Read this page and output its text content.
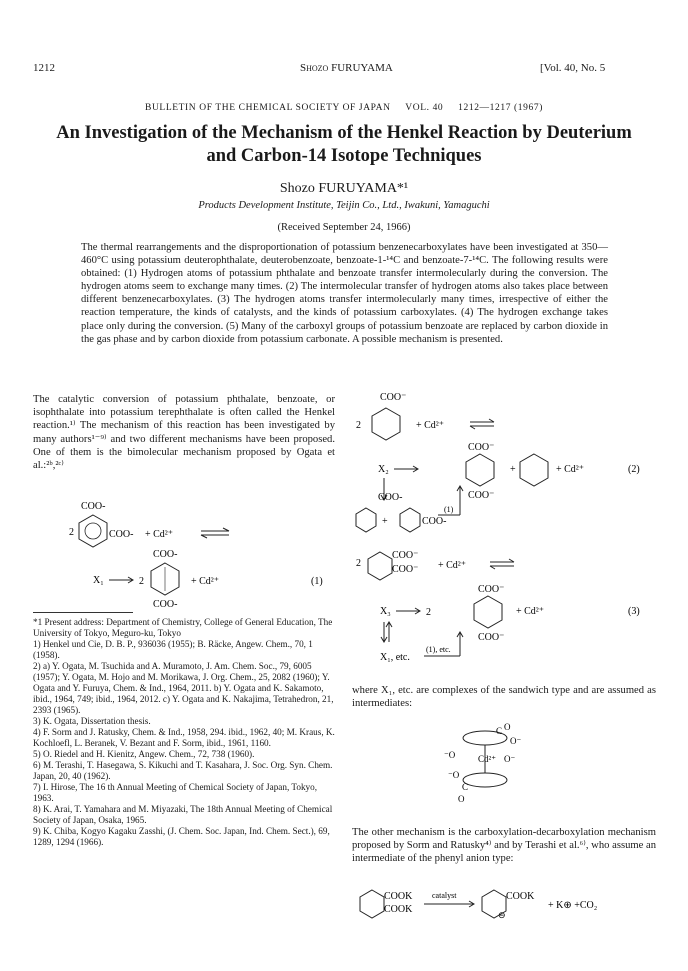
1212	Shozo FURUYAMA	[Vol. 40, No. 5
BULLETIN OF THE CHEMICAL SOCIETY OF JAPAN     VOL. 40     1212—1217 (1967)
An Investigation of the Mechanism of the Henkel Reaction by Deuterium and Carbon-14 Isotope Techniques
Shozo FURUYAMA*¹
Products Development Institute, Teijin Co., Ltd., Iwakuni, Yamaguchi
(Received September 24, 1966)
The thermal rearrangements and the disproportionation of potassium benzenecarboxylates have been investigated at 350—460°C using potassium deuterophthalate, deuterobenzoate, benzoate-1-¹⁴C and benzoate-7-¹⁴C. The following results were obtained: (1) Hydrogen atoms of potassium phthalate and benzoate transfer intermolecularly during the conversion. The hydrogen atoms seem to exchange many times. (2) The intermolecular transfer of hydrogen atoms also takes place between different benzenecarboxylates. (3) The hydrogen atoms transfer intermolecularly many times, irrespective of either the reaction temperature, the kinds of catalysts, and the kinds of potassium carboxylates. (4) The hydrogen exchange takes place only during the conversion. (5) Many of the carboxyl groups of potassium benzoate are replaced by carbon dioxide in the gas phase and by carbon dioxide from potassium carbonate. A possible mechanism is presented.
The catalytic conversion of potassium phthalate, benzoate, or isophthalate into potassium terephthalate is often called the Henkel reaction.¹⁾ The mechanism of this reaction has been investigated by many authors¹⁻⁹⁾ and two different mechanisms have been proposed. One of them is the bimolecular mechanism proposed by Ogata et al.:²ᵇ,²ᶜ⁾
COO-
2	COO- + Cd²⁺
X₁	2
COO-
COO-
+ Cd²⁺	(1)
*1 Present address: Department of Chemistry, College of General Education, The University of Tokyo, Meguro-ku, Tokyo
1) Henkel und Cie, D. B. P., 936036 (1955); B. Räcke, Angew. Chem., 70, 1 (1958).
2) a) Y. Ogata, M. Tsuchida and A. Muramoto, J. Am. Chem. Soc., 79, 6005 (1957); Y. Ogata, M. Hojo and M. Morikawa, J. Org. Chem., 25, 2082 (1960); Y. Ogata and Y. Furuya, Chem. & Ind., 1964, 2011. b) Y. Ogata and K. Sakamoto, ibid., 1964, 749; ibid., 1964, 2012. c) Y. Ogata and K. Nakajima, Tetrahedron, 21, 2393 (1965).
3) K. Ogata, Dissertation thesis.
4) F. Sorm and J. Ratusky, Chem. & Ind., 1958, 294. ibid., 1962, 40; M. Kraus, K. Kochloefl, L. Beranek, V. Bezant and F. Sorm, ibid., 1961, 1160.
5) O. Riedel and H. Kienitz, Angew. Chem., 72, 738 (1960).
6) M. Terashi, T. Hasegawa, S. Kikuchi and T. Kasahara, J. Soc. Org. Syn. Chem. Japan, 20, 40 (1962).
7) I. Hirose, The 16 th Annual Meeting of Chemical Society of Japan, Tokyo, 1963.
8) K. Arai, T. Yamahara and M. Miyazaki, The 18th Annual Meeting of Chemical Society of Japan, Osaka, 1965.
9) K. Chiba, Kogyo Kagaku Zasshi, (J. Chem. Soc. Japan, Ind. Chem. Sect.), 69, 1289, 1294 (1966).
COO⁻
2	+ Cd²⁺
COO⁻
X₂
COO⁻
+	+ Cd²⁺	(2)
COO-
+	COO-
(1)
COO⁻
2
COO⁻ + Cd²⁺
COO⁻
X₃	2
COO⁻
+ Cd²⁺	(3)
X₁, etc.
(1), etc.
where X₁, etc. are complexes of the sandwich type and are assumed as intermediates:
O
C
O⁻
Cd²⁺
⁻O	O⁻
⁻O
C
O
The other mechanism is the carboxylation-decarboxylation mechanism proposed by Sorm and Ratusky⁴⁾ and by Terashi et al.⁶⁾, who assume an intermediate of the phenyl anion type:
COOK
COOK
catalyst	COOK
⊖
+ K⊕ +CO₂
